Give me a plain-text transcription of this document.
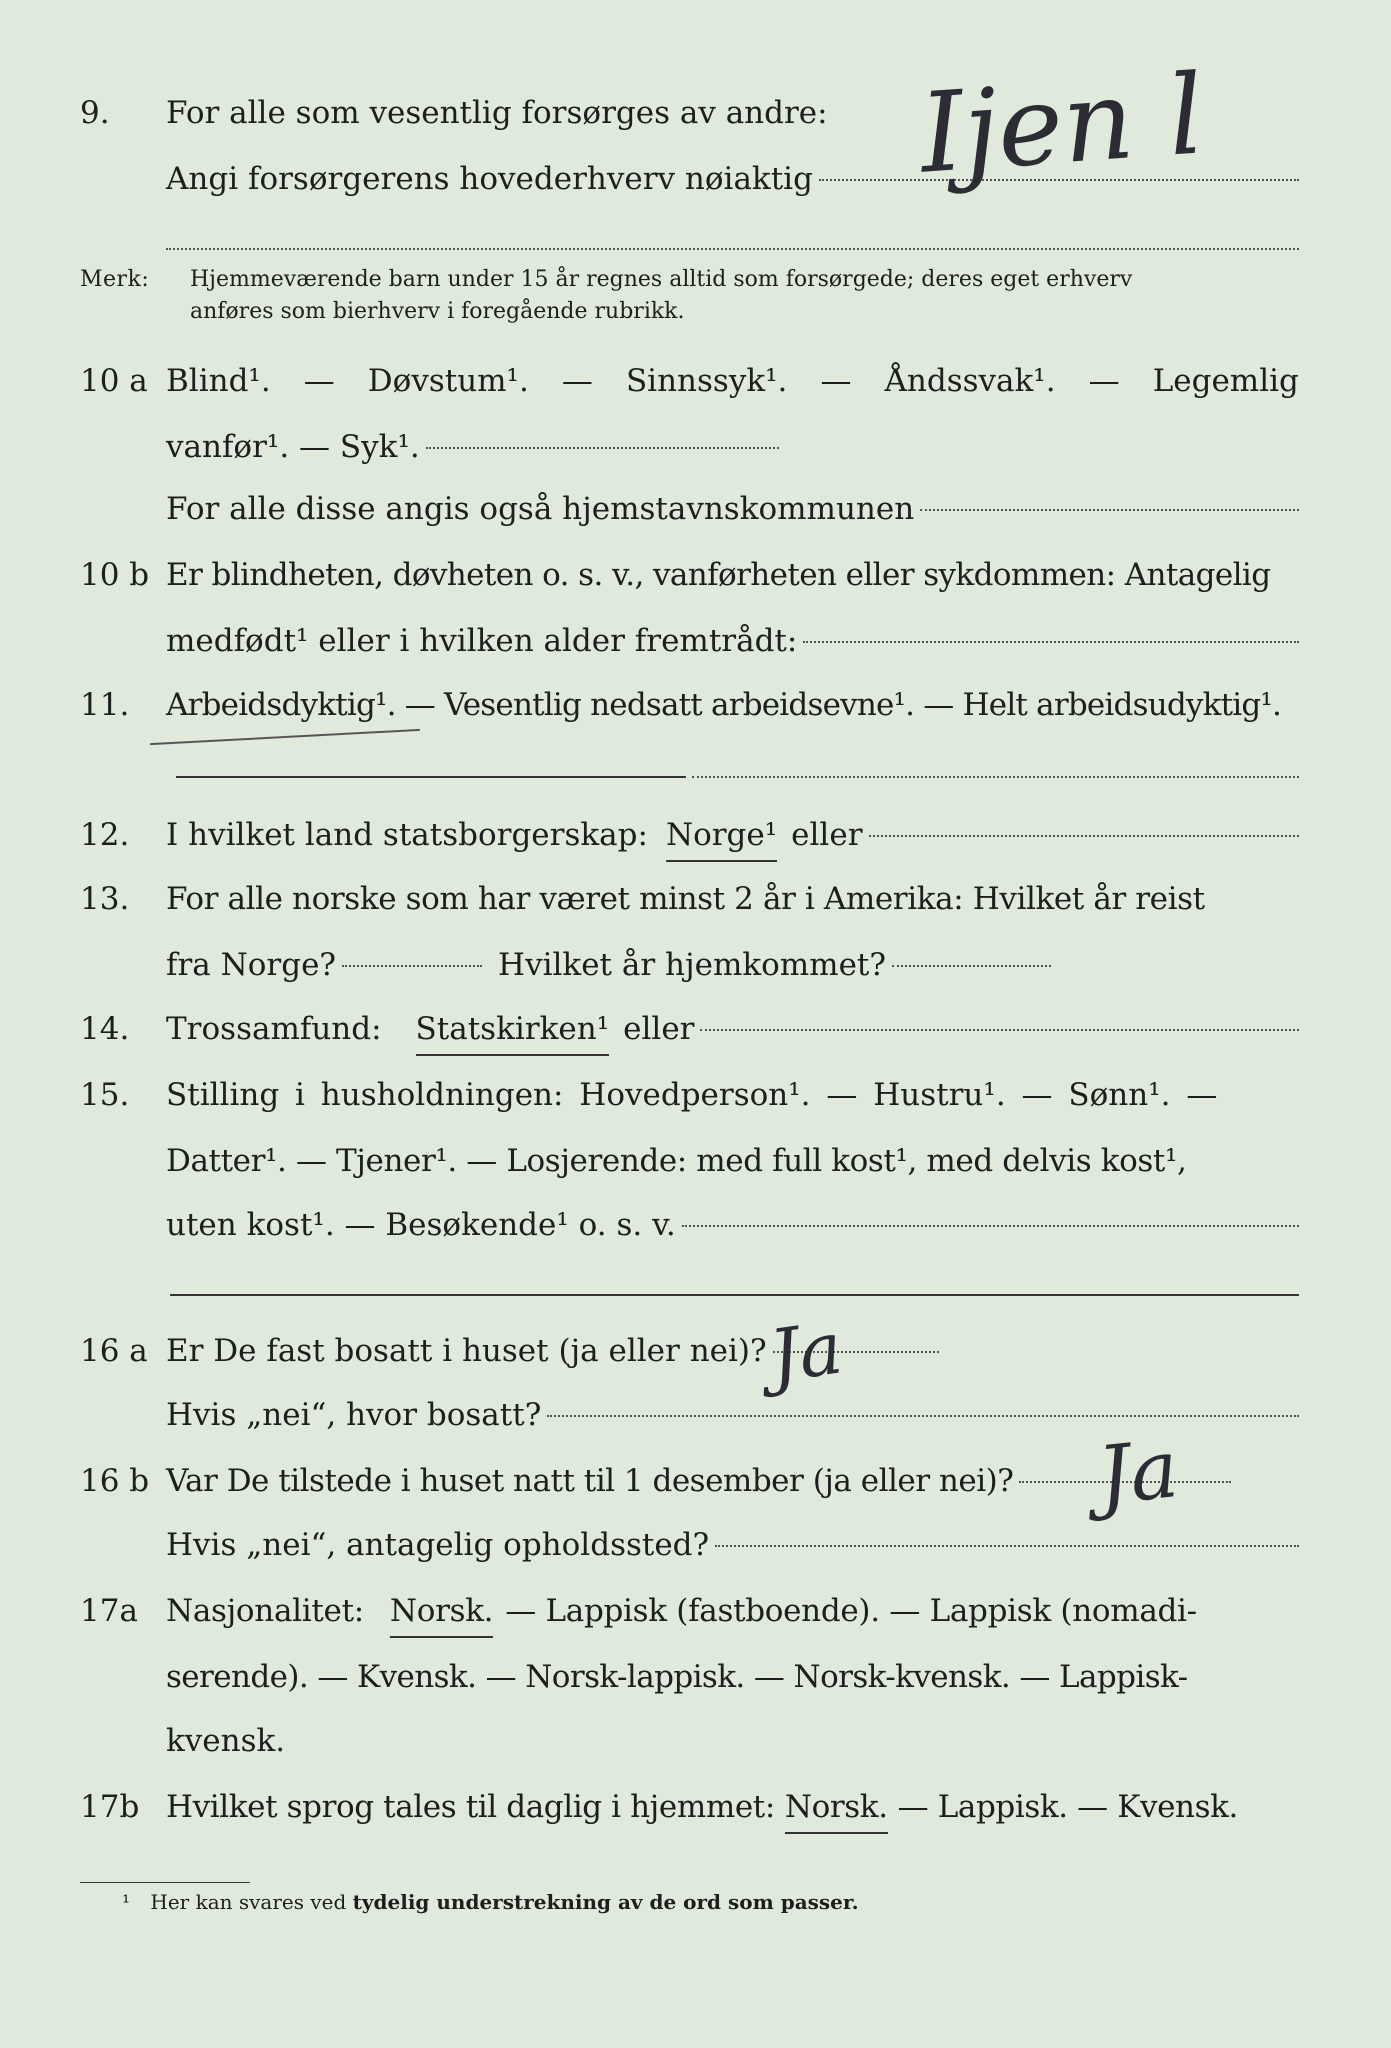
9. For alle som vesentlig forsørges av andre:
Angi forsørgerens hovederhverv nøiaktig Ijen l
Merk: Hjemmeværende barn under 15 år regnes alltid som forsørgede; deres eget erhverv
anføres som bierhverv i foregående rubrikk.
10 a Blind¹. — Døvstum¹. — Sinnssyk¹. — Åndssvak¹. — Legemlig
vanfør¹. — Syk¹.
For alle disse angis også hjemstavnskommunen
10 b Er blindheten, døvheten o. s. v., vanførheten eller sykdommen: Antagelig
medfødt¹ eller i hvilken alder fremtrådt:
11. Arbeidsdyktig¹. — Vesentlig nedsatt arbeidsevne¹. — Helt arbeidsudyktig¹.
12. I hvilket land statsborgerskap: Norge¹ eller
13. For alle norske som har været minst 2 år i Amerika: Hvilket år reist
fra Norge?	Hvilket år hjemkommet?
14. Trossamfund: Statskirken¹ eller
15. Stilling i husholdningen: Hovedperson¹. — Hustru¹. — Sønn¹. —
Datter¹. — Tjener¹. — Losjerende: med full kost¹, med delvis kost¹,
uten kost¹. — Besøkende¹ o. s. v.
16 a Er De fast bosatt i huset (ja eller nei)?
Ja
Hvis „nei“, hvor bosatt?
16 b Var De tilstede i huset natt til 1 desember (ja eller nei)? Ja
Hvis „nei“, antagelig opholdssted?
17a Nasjonalitet: Norsk. — Lappisk (fastboende). — Lappisk (nomadi-
serende). — Kvensk. — Norsk-lappisk. — Norsk-kvensk. — Lappisk-
kvensk.
17b Hvilket sprog tales til daglig i hjemmet: Norsk. — Lappisk. — Kvensk.
¹ Her kan svares ved tydelig understrekning av de ord som passer.
